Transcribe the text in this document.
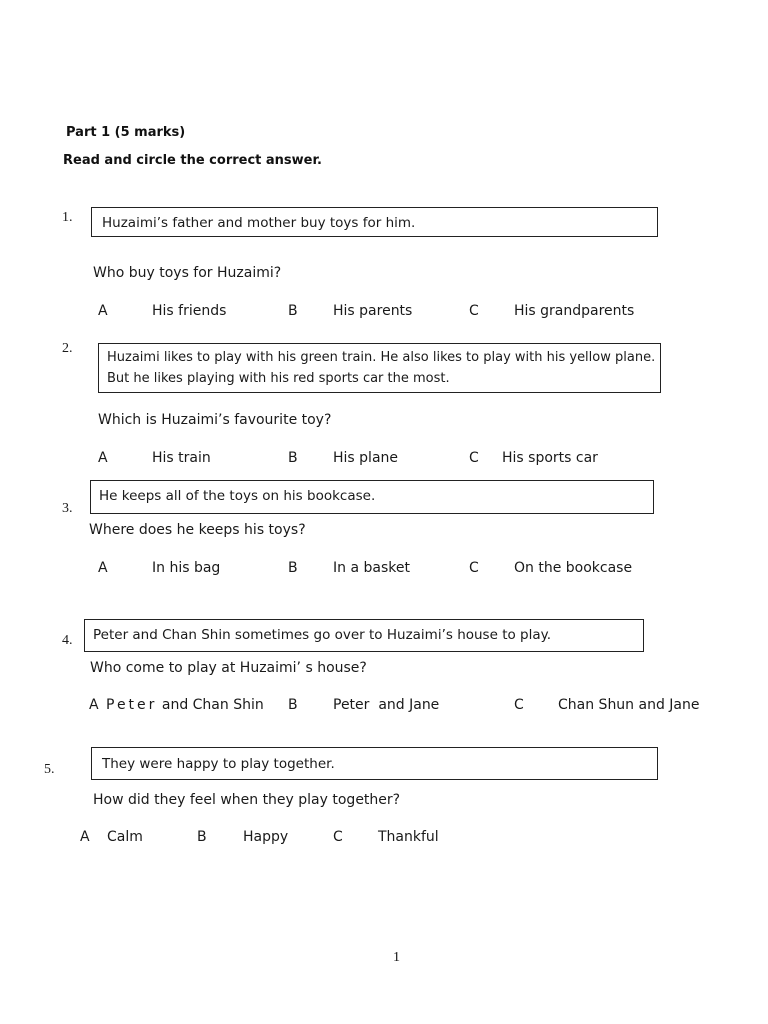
Part 1 (5 marks)
Read and circle the correct answer.
1. Huzaimi’s father and mother buy toys for him.
Who buy toys for Huzaimi?
A	His friends	B	His parents	C	His grandparents
2.
Huzaimi likes to play with his green train. He also likes to play with his yellow plane.
But he likes playing with his red sports car the most.
Which is Huzaimi’s favourite toy?
A	His train	B	His plane	C His sports car
He keeps all of the toys on his bookcase.
3.
Where does he keeps his toys?
A	In his bag	B	In a basket	C	On the bookcase
Peter and Chan Shin sometimes go over to Huzaimi’s house to play.
4.
Who come to play at Huzaimi’ s house?
A Peter and Chan Shin B	Peter  and Jane	C Chan Shun and Jane
5.	They were happy to play together.
How did they feel when they play together?
A Calm	B	Happy	C	Thankful
1
